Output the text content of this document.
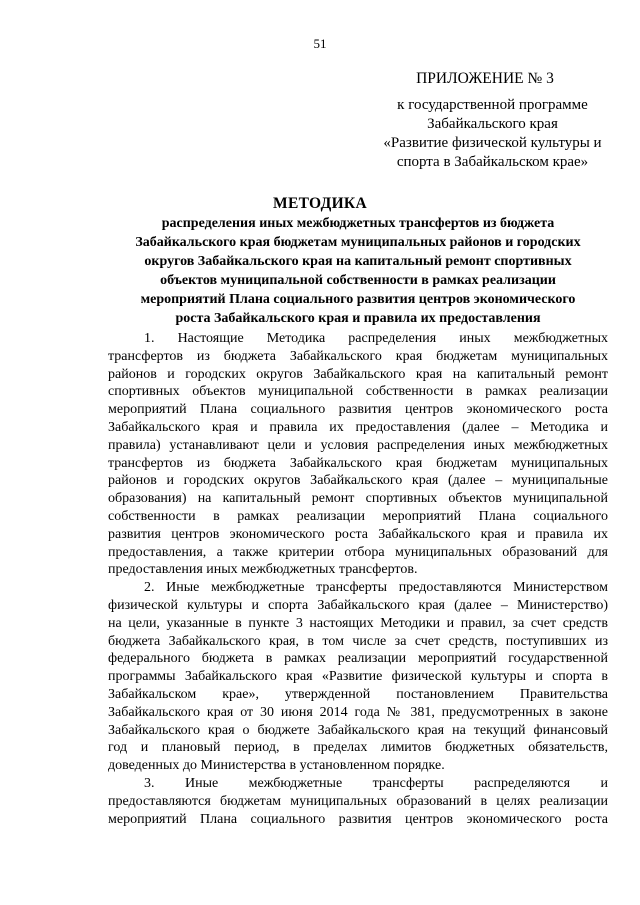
51
ПРИЛОЖЕНИЕ № 3
к государственной программе
Забайкальского края
«Развитие физической культуры и
спорта в Забайкальском крае»
МЕТОДИКА
распределения иных межбюджетных трансфертов из бюджета
Забайкальского края бюджетам муниципальных районов и городских
округов Забайкальского края на капитальный ремонт спортивных
объектов муниципальной собственности в рамках реализации
мероприятий Плана социального развития центров экономического
роста Забайкальского края и правила их предоставления
1. Настоящие Методика распределения иных межбюджетных
трансфертов из бюджета Забайкальского края бюджетам муниципальных
районов и городских округов Забайкальского края на капитальный ремонт
спортивных объектов муниципальной собственности в рамках реализации
мероприятий Плана социального развития центров экономического роста
Забайкальского края и правила их предоставления (далее – Методика и
правила) устанавливают цели и условия распределения иных межбюджетных
трансфертов из бюджета Забайкальского края бюджетам муниципальных
районов и городских округов Забайкальского края (далее – муниципальные
образования) на капитальный ремонт спортивных объектов муниципальной
собственности в рамках реализации мероприятий Плана социального
развития центров экономического роста Забайкальского края и правила их
предоставления, а также критерии отбора муниципальных образований для
предоставления иных межбюджетных трансфертов.
2. Иные межбюджетные трансферты предоставляются Министерством
физической культуры и спорта Забайкальского края (далее – Министерство)
на цели, указанные в пункте 3 настоящих Методики и правил, за счет средств
бюджета Забайкальского края, в том числе за счет средств, поступивших из
федерального бюджета в рамках реализации мероприятий государственной
программы Забайкальского края «Развитие физической культуры и спорта в
Забайкальском крае», утвержденной постановлением Правительства
Забайкальского края от 30 июня 2014 года № 381, предусмотренных в законе
Забайкальского края о бюджете Забайкальского края на текущий финансовый
год и плановый период, в пределах лимитов бюджетных обязательств,
доведенных до Министерства в установленном порядке.
3. Иные межбюджетные трансферты распределяются и
предоставляются бюджетам муниципальных образований в целях реализации
мероприятий Плана социального развития центров экономического роста
